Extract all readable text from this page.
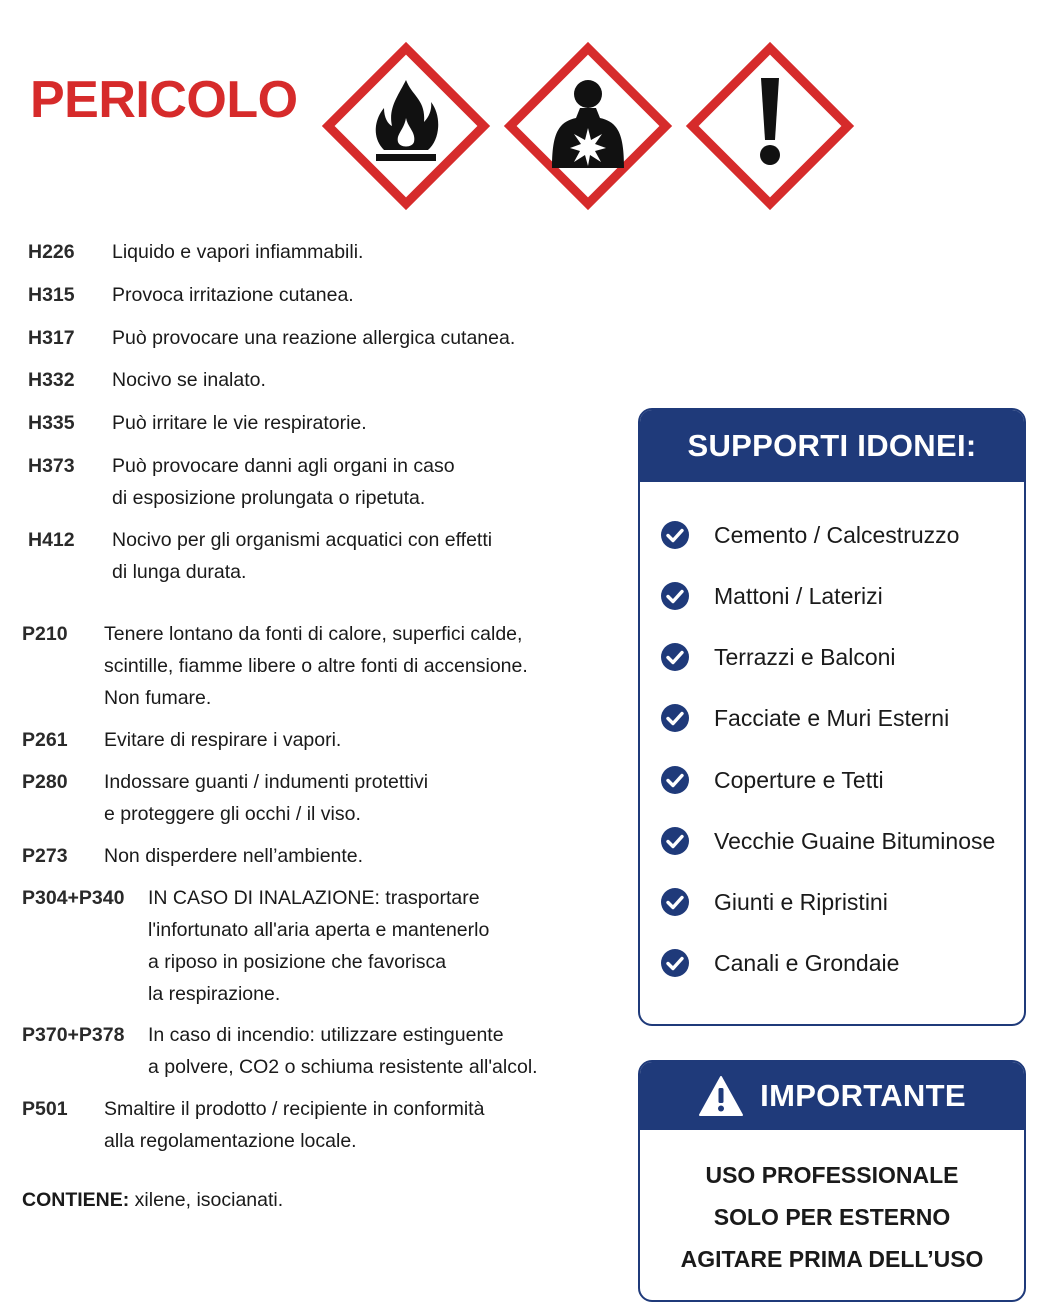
PERICOLO
H226 Liquido e vapori infiammabili.
H315 Provoca irritazione cutanea.
H317 Può provocare una reazione allergica cutanea.
H332 Nocivo se inalato.
H335 Può irritare le vie respiratorie.
H373 Può provocare danni agli organi in caso
di esposizione prolungata o ripetuta.
H412 Nocivo per gli organismi acquatici con effetti
di lunga durata.
P210 Tenere lontano da fonti di calore, superfici calde,
scintille, fiamme libere o altre fonti di accensione.
Non fumare.
P261 Evitare di respirare i vapori.
P280 Indossare guanti / indumenti protettivi
e proteggere gli occhi / il viso.
P273 Non disperdere nell’ambiente.
P304+P340 IN CASO DI INALAZIONE: trasportare
l'infortunato all'aria aperta e mantenerlo
a riposo in posizione che favorisca
la respirazione.
P370+P378 In caso di incendio: utilizzare estinguente
a polvere, CO2 o schiuma resistente all'alcol.
P501 Smaltire il prodotto / recipiente in conformità
alla regolamentazione locale.
CONTIENE: xilene, isocianati.
SUPPORTI IDONEI:
Cemento / Calcestruzzo
Mattoni / Laterizi
Terrazzi e Balconi
Facciate e Muri Esterni
Coperture e Tetti
Vecchie Guaine Bituminose
Giunti e Ripristini
Canali e Grondaie
IMPORTANTE
USO PROFESSIONALE
SOLO PER ESTERNO
AGITARE PRIMA DELL’USO
